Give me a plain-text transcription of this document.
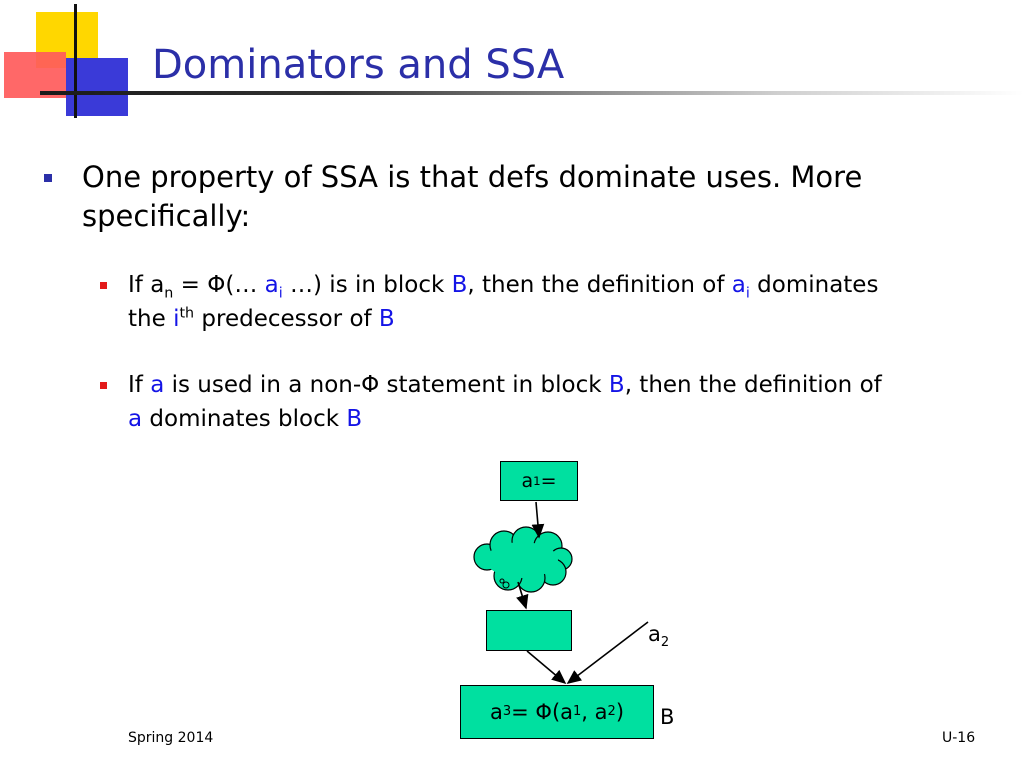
Dominators and SSA
One property of SSA is that defs dominate uses. More
specifically:
If $a_n$ = Φ(… $a_i$ …) is in block B, then the definition of $a_i$ dominates
the $i^{th}$ predecessor of B
If a is used in a non-Φ statement in block B, then the definition of
a dominates block B
a 1 =
a 3 = Φ(a 1 , a 2 )
$a_2$
B
Spring 2014	U-16
